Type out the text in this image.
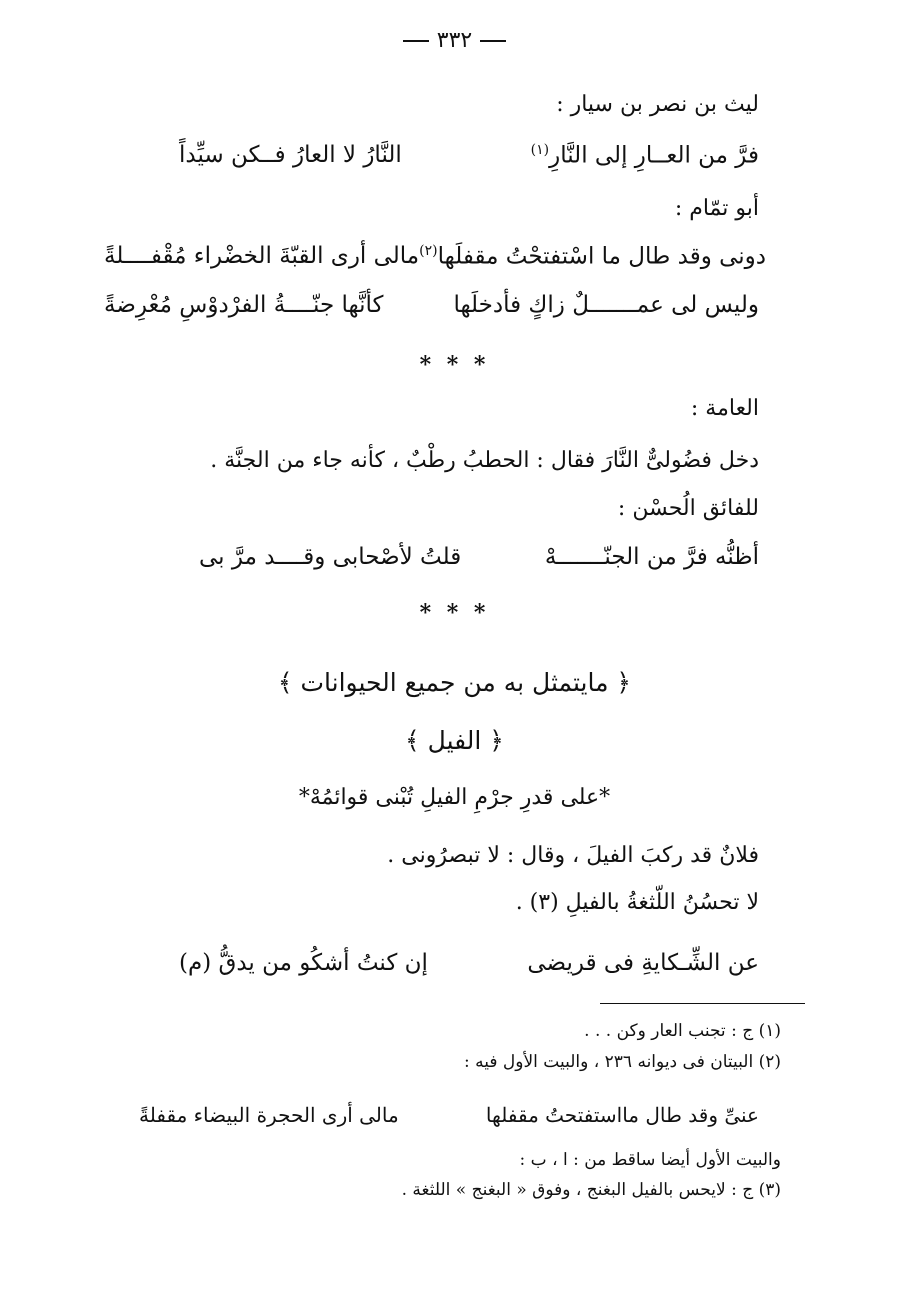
٣٣٢
ليث بن نصر بن سيار :
النَّارُ لا العارُ فــكن سيِّداً	فرَّ من العــارِ إلى النَّارِ$^{(١)}$
أبو تمّام :
مالى أرى القبّةَ الخضْراء مُقْفــــلةً دونى وقد طال ما اسْتفتحْتُ مقفلَها$^{(٢)}$
كأنَّها جنّــــةُ الفرْدوْسِ مُعْرِضةً	وليس لى عمـــــــلٌ زاكٍ فأدخلَها
* * *
العامة :
دخل فضُولىٌّ النَّارَ فقال : الحطبُ رطْبٌ ، كأنه جاء من الجنَّة .
للفائق الُحسْن :
قلتُ لأصْحابى وقــــد مرَّ بى	أظنُّه فرَّ من الجنّـــــــهْ
* * *
﴿ مايتمثل به من جميع الحيوانات ﴾
﴿ الفيل ﴾
*على قدرِ جرْمِ الفيلِ تُبْنى قوائمُهْ*
فلانٌ قد ركبَ الفيلَ ، وقال : لا تبصرُونى .
لا تحسُنُ اللّثغةُ بالفيلِ (٣) .
إن كنتُ أشكُو من يدقُّ (م)	عن الشِّـكايةِ فى قريضى
(١) ج : تجنب العار وكن . . .
(٢) البيتان فى ديوانه ٢٣٦ ، والبيت الأول فيه :
مالى أرى الحجرة البيضاء مقفلةً	عنىِّ وقد طال مااستفتحتُ مقفلها
والبيت الأول أيضا ساقط من : ا ، ب :
(٣) ج : لايحس بالفيل البغنج ، وفوق « البغنج » اللثغة .
